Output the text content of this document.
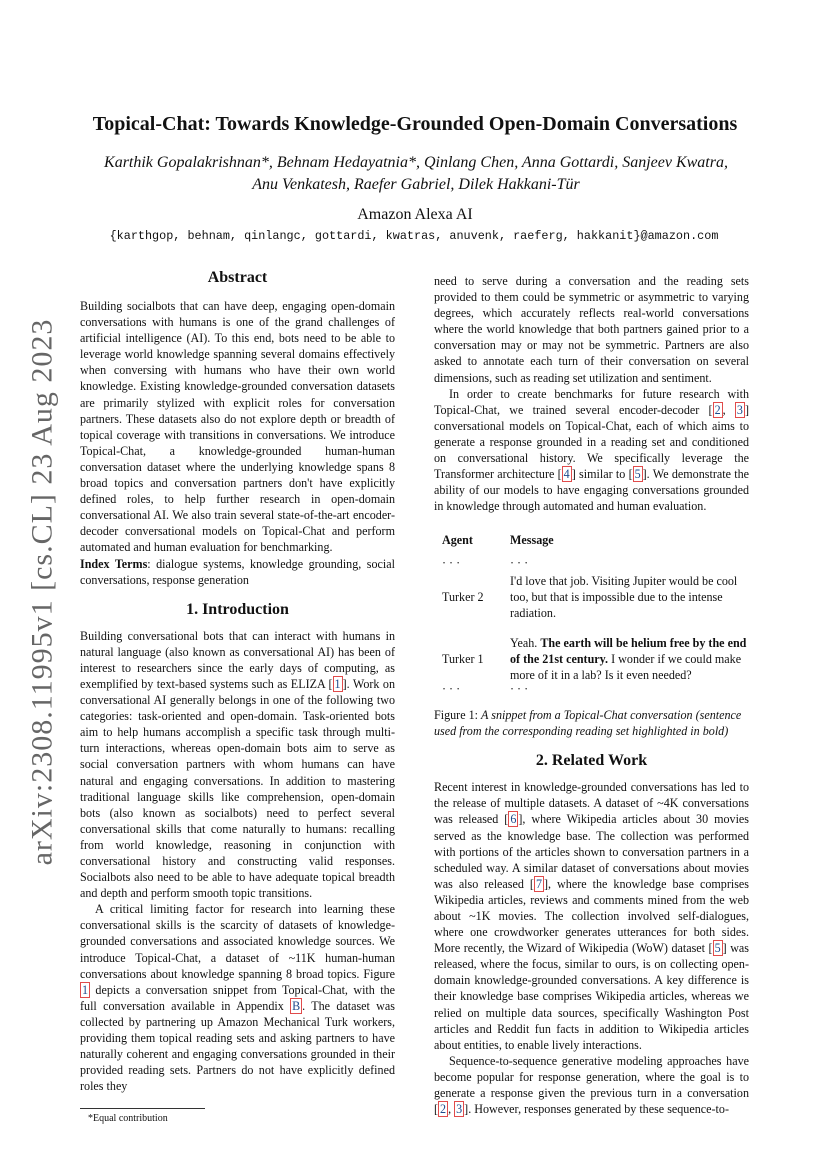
arXiv:2308.11995v1 [cs.CL] 23 Aug 2023
Topical-Chat: Towards Knowledge-Grounded Open-Domain Conversations
Karthik Gopalakrishnan*, Behnam Hedayatnia*, Qinlang Chen, Anna Gottardi, Sanjeev Kwatra,
Anu Venkatesh, Raefer Gabriel, Dilek Hakkani-Tür
Amazon Alexa AI
{karthgop, behnam, qinlangc, gottardi, kwatras, anuvenk, raeferg, hakkanit}@amazon.com
Abstract

Building socialbots that can have deep, engaging open-domain conversations with humans is one of the grand challenges of artificial intelligence (AI). To this end, bots need to be able to leverage world knowledge spanning several domains effectively when conversing with humans who have their own world knowledge. Existing knowledge-grounded conversation datasets are primarily stylized with explicit roles for conversation partners. These datasets also do not explore depth or breadth of topical coverage with transitions in conversations. We introduce Topical-Chat, a knowledge-grounded human-human conversation dataset where the underlying knowledge spans 8 broad topics and conversation partners don't have explicitly defined roles, to help further research in open-domain conversational AI. We also train several state-of-the-art encoder-decoder conversational models on Topical-Chat and perform automated and human evaluation for benchmarking.

Index Terms: dialogue systems, knowledge grounding, social conversations, response generation

1. Introduction

Building conversational bots that can interact with humans in natural language (also known as conversational AI) has been of interest to researchers since the early days of computing, as exemplified by text-based systems such as ELIZA [ 1 ]. Work on conversational AI generally belongs in one of the following two categories: task-oriented and open-domain. Task-oriented bots aim to help humans accomplish a specific task through multi-turn interactions, whereas open-domain bots aim to serve as social conversation partners with whom humans can have natural and engaging conversations. In addition to mastering traditional language skills like comprehension, open-domain bots (also known as socialbots) need to perfect several conversational skills that come naturally to humans: recalling from world knowledge, reasoning in conjunction with conversational history and constructing valid responses. Socialbots also need to be able to have adequate topical breadth and depth and perform smooth topic transitions.

A critical limiting factor for research into learning these conversational skills is the scarcity of datasets of knowledge-grounded conversations and associated knowledge sources. We introduce Topical-Chat, a dataset of ~11K human-human conversations about knowledge spanning 8 broad topics. Figure 1 depicts a conversation snippet from Topical-Chat, with the full conversation available in Appendix B . The dataset was collected by partnering up Amazon Mechanical Turk workers, providing them topical reading sets and asking partners to have naturally coherent and engaging conversations grounded in their provided reading sets. Partners do not have explicitly defined roles they

*Equal contribution

need to serve during a conversation and the reading sets provided to them could be symmetric or asymmetric to varying degrees, which accurately reflects real-world conversations where the world knowledge that both partners gained prior to a conversation may or may not be symmetric. Partners are also asked to annotate each turn of their conversation on several dimensions, such as reading set utilization and sentiment.

In order to create benchmarks for future research with Topical-Chat, we trained several encoder-decoder [ 2 , 3 ] conversational models on Topical-Chat, each of which aims to generate a response grounded in a reading set and conditioned on conversational history. We specifically leverage the Transformer architecture [ 4 ] similar to [ 5 ]. We demonstrate the ability of our models to have engaging conversations grounded in knowledge through automated and human evaluation.

Agent	Message
· · ·	· · ·
Turker 2	I'd love that job. Visiting Jupiter would be cool too, but that is impossible due to the intense radiation.

Turker 1	Yeah. The earth will be helium free by the end of the 21st century. I wonder if we could make more of it in a lab? Is it even needed?
· · ·	· · ·
Figure 1: A snippet from a Topical-Chat conversation (sentence used from the corresponding reading set highlighted in bold)
2. Related Work

Recent interest in knowledge-grounded conversations has led to the release of multiple datasets. A dataset of ~4K conversations was released [ 6 ], where Wikipedia articles about 30 movies served as the knowledge base. The collection was performed with portions of the articles shown to conversation partners in a scheduled way. A similar dataset of conversations about movies was also released [ 7 ], where the knowledge base comprises Wikipedia articles, reviews and comments mined from the web about ~1K movies. The collection involved self-dialogues, where one crowdworker generates utterances for both sides. More recently, the Wizard of Wikipedia (WoW) dataset [ 5 ] was released, where the focus, similar to ours, is on collecting open-domain knowledge-grounded conversations. A key difference is their knowledge base comprises Wikipedia articles, whereas we relied on multiple data sources, specifically Washington Post articles and Reddit fun facts in addition to Wikipedia articles about entities, to enable lively interactions.

Sequence-to-sequence generative modeling approaches have become popular for response generation, where the goal is to generate a response given the previous turn in a conversation [ 2 , 3 ]. However, responses generated by these sequence-to-
